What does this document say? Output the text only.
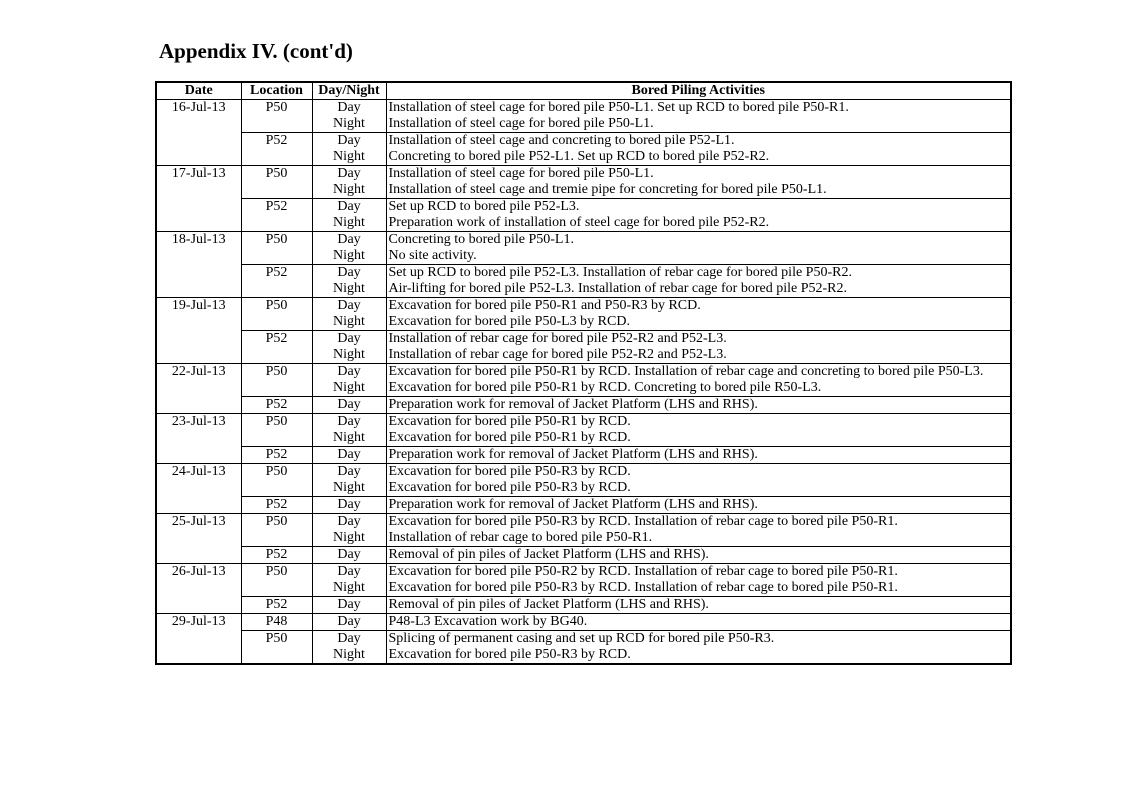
Appendix IV. (cont'd)
Date	Location	Day/Night	Bored Piling Activities
16-Jul-13	P50	Day	Installation of steel cage for bored pile P50-L1. Set up RCD to bored pile P50-R1.
		Night	Installation of steel cage for bored pile P50-L1.
	P52	Day	Installation of steel cage and concreting to bored pile P52-L1.
		Night	Concreting to bored pile P52-L1. Set up RCD to bored pile P52-R2.
17-Jul-13	P50	Day	Installation of steel cage for bored pile P50-L1.
		Night	Installation of steel cage and tremie pipe for concreting for bored pile P50-L1.
	P52	Day	Set up RCD to bored pile P52-L3.
		Night	Preparation work of installation of steel cage for bored pile P52-R2.
18-Jul-13	P50	Day	Concreting to bored pile P50-L1.
		Night	No site activity.
	P52	Day	Set up RCD to bored pile P52-L3. Installation of rebar cage for bored pile P50-R2.
		Night	Air-lifting for bored pile P52-L3. Installation of rebar cage for bored pile P52-R2.
19-Jul-13	P50	Day	Excavation for bored pile P50-R1 and P50-R3 by RCD.
		Night	Excavation for bored pile P50-L3 by RCD.
	P52	Day	Installation of rebar cage for bored pile P52-R2 and P52-L3.
		Night	Installation of rebar cage for bored pile P52-R2 and P52-L3.
22-Jul-13	P50	Day	Excavation for bored pile P50-R1 by RCD. Installation of rebar cage and concreting to bored pile P50-L3.
		Night	Excavation for bored pile P50-R1 by RCD. Concreting to bored pile R50-L3.
	P52	Day	Preparation work for removal of Jacket Platform (LHS and RHS).
23-Jul-13	P50	Day	Excavation for bored pile P50-R1 by RCD.
		Night	Excavation for bored pile P50-R1 by RCD.
	P52	Day	Preparation work for removal of Jacket Platform (LHS and RHS).
24-Jul-13	P50	Day	Excavation for bored pile P50-R3 by RCD.
		Night	Excavation for bored pile P50-R3 by RCD.
	P52	Day	Preparation work for removal of Jacket Platform (LHS and RHS).
25-Jul-13	P50	Day	Excavation for bored pile P50-R3 by RCD. Installation of rebar cage to bored pile P50-R1.
		Night	Installation of rebar cage to bored pile P50-R1.
	P52	Day	Removal of pin piles of Jacket Platform (LHS and RHS).
26-Jul-13	P50	Day	Excavation for bored pile P50-R2 by RCD. Installation of rebar cage to bored pile P50-R1.
		Night	Excavation for bored pile P50-R3 by RCD. Installation of rebar cage to bored pile P50-R1.
	P52	Day	Removal of pin piles of Jacket Platform (LHS and RHS).
29-Jul-13	P48	Day	P48-L3 Excavation work by BG40.
	P50	Day	Splicing of permanent casing and set up RCD for bored pile P50-R3.
		Night	Excavation for bored pile P50-R3 by RCD.
